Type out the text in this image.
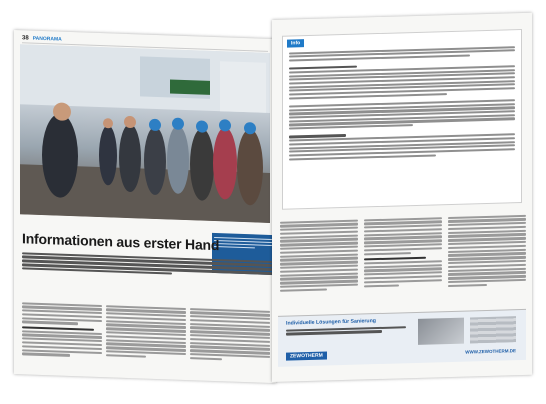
38 PANORAMA
Informationen aus erster Hand
Info
Individuelle Lösungen für Sanierung
ZEWOTHERM
WWW.ZEWOTHERM.DE
